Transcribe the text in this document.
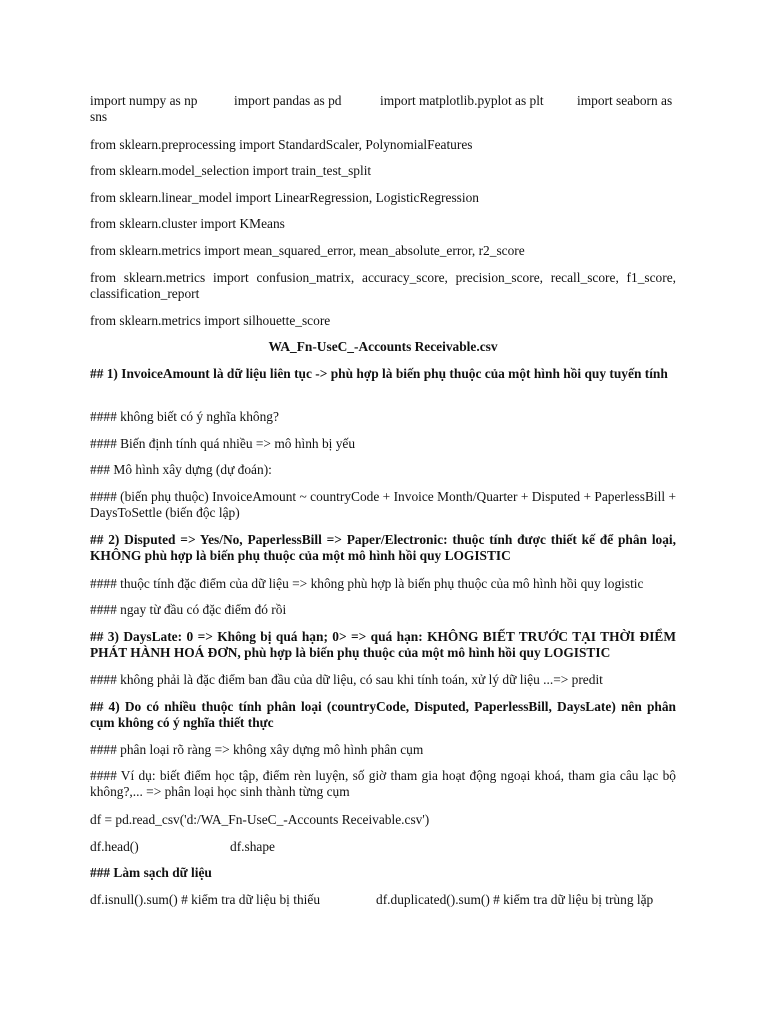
import numpy as np	import pandas as pd	import matplotlib.pyplot as plt import seaborn as
sns
from sklearn.preprocessing import StandardScaler, PolynomialFeatures
from sklearn.model_selection import train_test_split
from sklearn.linear_model import LinearRegression, LogisticRegression
from sklearn.cluster import KMeans
from sklearn.metrics import mean_squared_error, mean_absolute_error, r2_score
from sklearn.metrics import confusion_matrix, accuracy_score, precision_score, recall_score, f1_score, classification_report
from sklearn.metrics import silhouette_score
WA_Fn-UseC_-Accounts Receivable.csv
## 1) InvoiceAmount là dữ liệu liên tục -> phù hợp là biến phụ thuộc của một hình hồi quy tuyến tính
#### không biết có ý nghĩa không?
#### Biến định tính quá nhiều => mô hình bị yếu
### Mô hình xây dựng (dự đoán):
#### (biến phụ thuộc) InvoiceAmount ~ countryCode + Invoice Month/Quarter + Disputed + PaperlessBill + DaysToSettle (biến độc lập)
## 2) Disputed => Yes/No, PaperlessBill => Paper/Electronic: thuộc tính được thiết kế để phân loại, KHÔNG phù hợp là biến phụ thuộc của một mô hình hồi quy LOGISTIC
#### thuộc tính đặc điểm của dữ liệu => không phù hợp là biến phụ thuộc của mô hình hồi quy logistic
#### ngay từ đầu có đặc điểm đó rồi
## 3) DaysLate: 0 => Không bị quá hạn; 0> => quá hạn: KHÔNG BIẾT TRƯỚC TẠI THỜI ĐIỂM PHÁT HÀNH HOÁ ĐƠN, phù hợp là biến phụ thuộc của một mô hình hồi quy LOGISTIC
#### không phải là đặc điểm ban đầu của dữ liệu, có sau khi tính toán, xử lý dữ liệu ...=> predit
## 4) Do có nhiều thuộc tính phân loại (countryCode, Disputed, PaperlessBill, DaysLate) nên phân cụm không có ý nghĩa thiết thực
#### phân loại rõ ràng => không xây dựng mô hình phân cụm
#### Ví dụ: biết điểm học tập, điểm rèn luyện, số giờ tham gia hoạt động ngoại khoá, tham gia câu lạc bộ không?,... => phân loại học sinh thành từng cụm
df = pd.read_csv('d:/WA_Fn-UseC_-Accounts Receivable.csv')
df.head()	df.shape
### Làm sạch dữ liệu
df.isnull().sum() # kiểm tra dữ liệu bị thiếu	df.duplicated().sum() # kiểm tra dữ liệu bị trùng lặp
